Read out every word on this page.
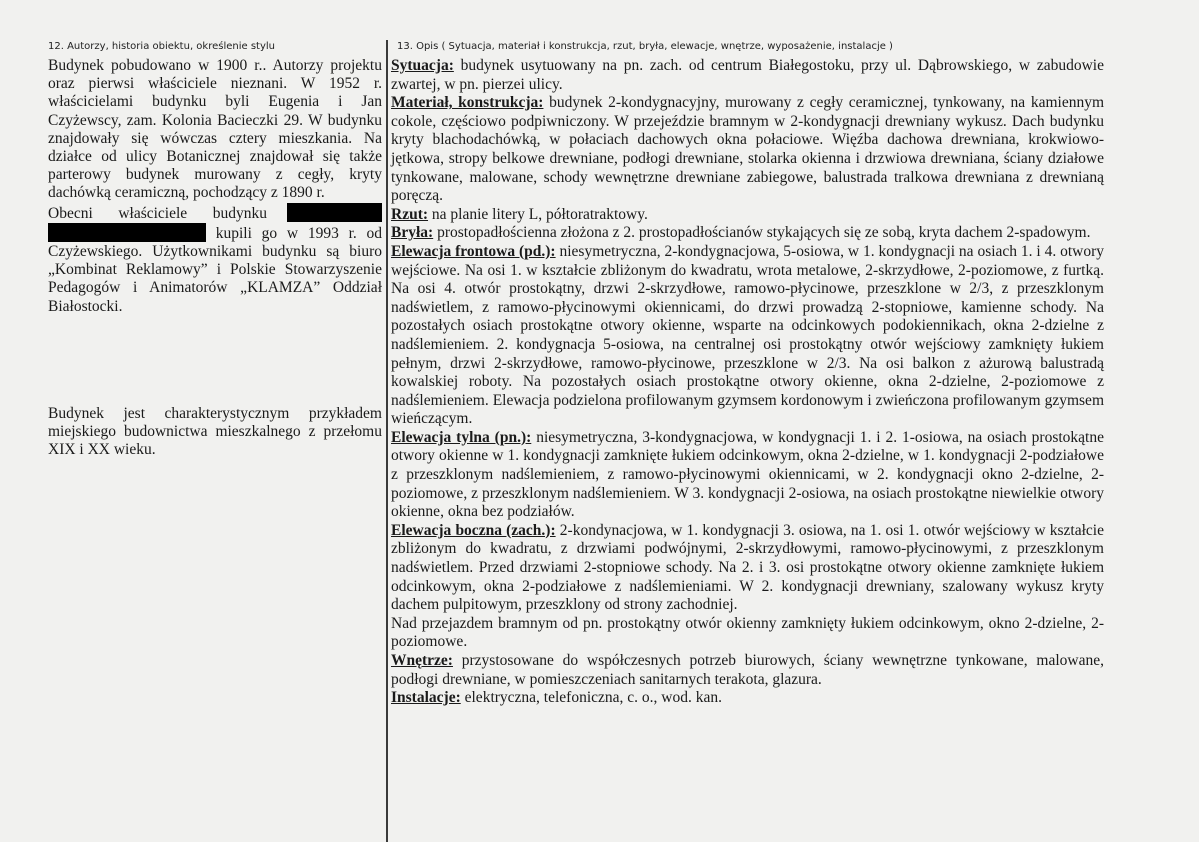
12. Autorzy, historia obiektu, określenie stylu	13. Opis ( Sytuacja, materiał i konstrukcja, rzut, bryła, elewacje, wnętrze, wyposażenie, instalacje )

Budynek pobudowano w 1900 r.. Autorzy projektu oraz pierwsi właściciele nieznani. W 1952 r. właścicielami budynku byli Eugenia i Jan Czyżewscy, zam. Kolonia Bacieczki 29. W budynku znajdowały się wówczas cztery mieszkania. Na działce od ulicy Botanicznej znajdował się także parterowy budynek murowany z cegły, kryty dachówką ceramiczną, pochodzący z 1890 r.

Obecni właściciele budynku  kupili go w 1993 r. od Czyżewskiego. Użytkownikami budynku są biuro „Kombinat Reklamowy” i Polskie Stowarzyszenie Pedagogów i Animatorów „KLAMZA” Oddział Białostocki.

Budynek jest charakterystycznym przykładem miejskiego budownictwa mieszkalnego z przełomu XIX i XX wieku.

Sytuacja: budynek usytuowany na pn. zach. od centrum Białegostoku, przy ul. Dąbrowskiego, w zabudowie zwartej, w pn. pierzei ulicy.

Materiał, konstrukcja: budynek 2-kondygnacyjny, murowany z cegły ceramicznej, tynkowany, na kamiennym cokole, częściowo podpiwniczony. W przejeździe bramnym w 2-kondygnacji drewniany wykusz. Dach budynku kryty blachodachówką, w połaciach dachowych okna połaciowe. Więźba dachowa drewniana, krokwiowo-jętkowa, stropy belkowe drewniane, podłogi drewniane, stolarka okienna i drzwiowa drewniana, ściany działowe tynkowane, malowane, schody wewnętrzne drewniane zabiegowe, balustrada tralkowa drewniana z drewnianą poręczą.

Rzut: na planie litery L, półtoratraktowy.

Bryła: prostopadłościenna złożona z 2. prostopadłościanów stykających się ze sobą, kryta dachem 2-spadowym.

Elewacja frontowa (pd.): niesymetryczna, 2-kondygnacjowa, 5-osiowa, w 1. kondygnacji na osiach 1. i 4. otwory wejściowe. Na osi 1. w kształcie zbliżonym do kwadratu, wrota metalowe, 2-skrzydłowe, 2-poziomowe, z furtką. Na osi 4. otwór prostokątny, drzwi 2-skrzydłowe, ramowo-płycinowe, przeszklone w 2/3, z przeszklonym nadświetlem, z ramowo-płycinowymi okiennicami, do drzwi prowadzą 2-stopniowe, kamienne schody. Na pozostałych osiach prostokątne otwory okienne, wsparte na odcinkowych podokiennikach, okna 2-dzielne z nadślemieniem. 2. kondygnacja 5-osiowa, na centralnej osi prostokątny otwór wejściowy zamknięty łukiem pełnym, drzwi 2-skrzydłowe, ramowo-płycinowe, przeszklone w 2/3. Na osi balkon z ażurową balustradą kowalskiej roboty. Na pozostałych osiach prostokątne otwory okienne, okna 2-dzielne, 2-poziomowe z nadślemieniem. Elewacja podzielona profilowanym gzymsem kordonowym i zwieńczona profilowanym gzymsem wieńczącym.

Elewacja tylna (pn.): niesymetryczna, 3-kondygnacjowa, w kondygnacji 1. i 2. 1-osiowa, na osiach prostokątne otwory okienne w 1. kondygnacji zamknięte łukiem odcinkowym, okna 2-dzielne, w 1. kondygnacji 2-podziałowe z przeszklonym nadślemieniem, z ramowo-płycinowymi okiennicami, w 2. kondygnacji okno 2-dzielne, 2-poziomowe, z przeszklonym nadślemieniem. W 3. kondygnacji 2-osiowa, na osiach prostokątne niewielkie otwory okienne, okna bez podziałów.

Elewacja boczna (zach.): 2-kondynacjowa, w 1. kondygnacji 3. osiowa, na 1. osi 1. otwór wejściowy w kształcie zbliżonym do kwadratu, z drzwiami podwójnymi, 2-skrzydłowymi, ramowo-płycinowymi, z przeszklonym nadświetlem. Przed drzwiami 2-stopniowe schody. Na 2. i 3. osi prostokątne otwory okienne zamknięte łukiem odcinkowym, okna 2-podziałowe z nadślemieniami. W 2. kondygnacji drewniany, szalowany wykusz kryty dachem pulpitowym, przeszklony od strony zachodniej.

Nad przejazdem bramnym od pn. prostokątny otwór okienny zamknięty łukiem odcinkowym, okno 2-dzielne, 2-poziomowe.

Wnętrze: przystosowane do współczesnych potrzeb biurowych, ściany wewnętrzne tynkowane, malowane, podłogi drewniane, w pomieszczeniach sanitarnych terakota, glazura.

Instalacje: elektryczna, telefoniczna, c. o., wod. kan.
